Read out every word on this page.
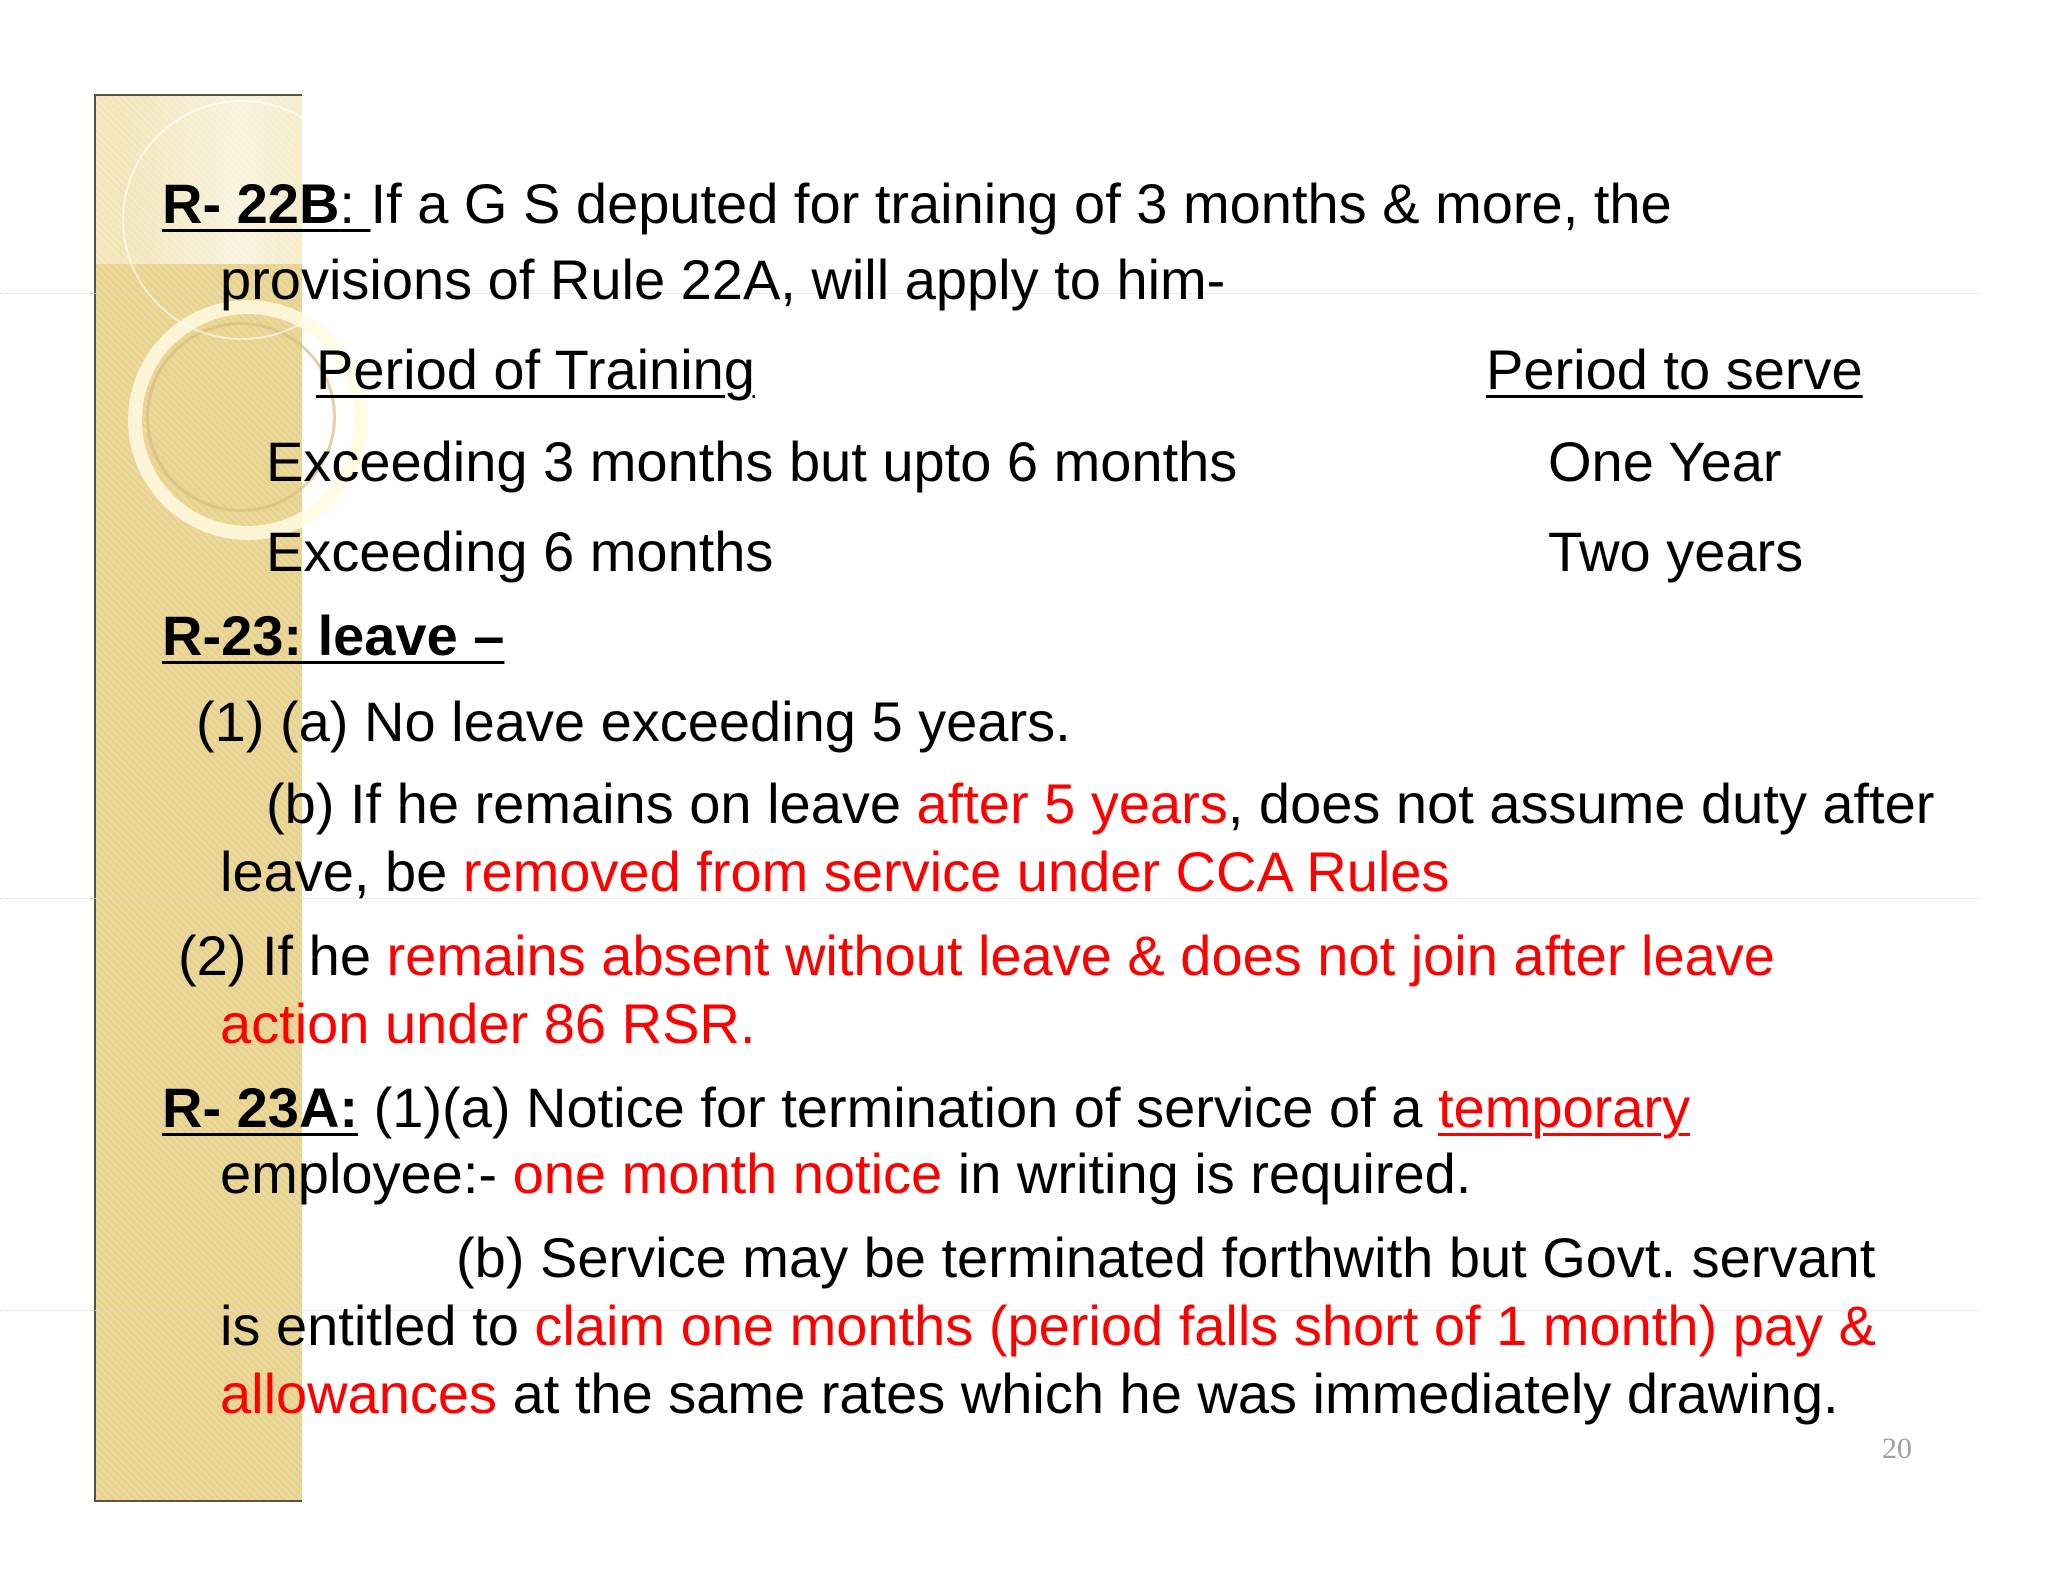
R- 22B: If a G S deputed for training of 3 months & more, the
provisions of Rule 22A, will apply to him-
Period of Training	Period to serve
Exceeding 3 months but upto 6 months	One Year
Exceeding 6 months	Two years
R-23: leave –
(1) (a) No leave exceeding 5 years.
(b) If he remains on leave after 5 years, does not assume duty after
leave, be removed from service under CCA Rules
(2) If he remains absent without leave & does not join after leave
action under 86 RSR.
R- 23A: (1)(a) Notice for termination of service of a temporary
employee:- one month notice in writing is required.
(b) Service may be terminated forthwith but Govt. servant
is entitled to claim one months (period falls short of 1 month) pay &
allowances at the same rates which he was immediately drawing.
20
